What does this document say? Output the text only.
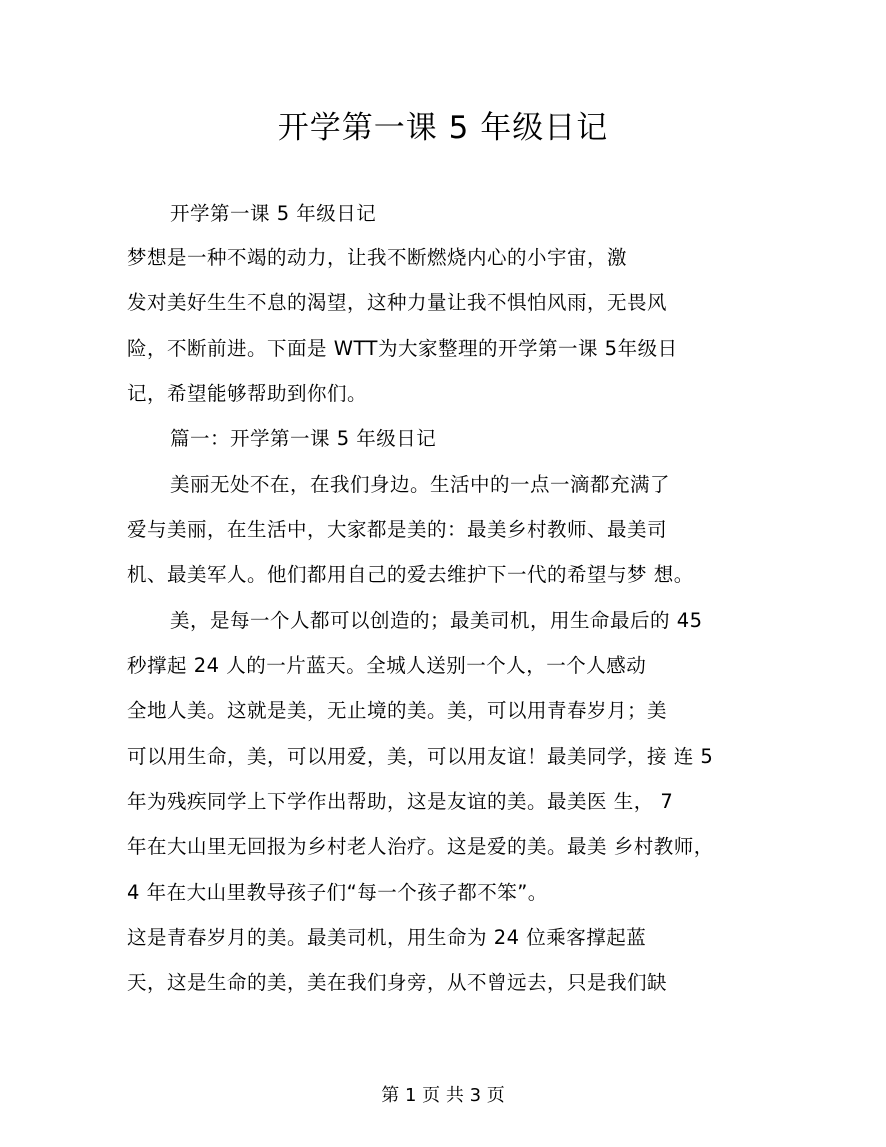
开学第一课 5 年级日记
开学第一课 5 年级日记
梦想是一种不竭的动力，让我不断燃烧内心的小宇宙，激
发对美好生生不息的渴望，这种力量让我不惧怕风雨，无畏风
险，不断前进。下面是 WTT为大家整理的开学第一课 5年级日
记，希望能够帮助到你们。
篇一：开学第一课 5 年级日记
美丽无处不在，在我们身边。生活中的一点一滴都充满了
爱与美丽，在生活中，大家都是美的：最美乡村教师、最美司
机、最美军人。他们都用自己的爱去维护下一代的希望与梦 想。
美，是每一个人都可以创造的；最美司机，用生命最后的 45
秒撑起 24 人的一片蓝天。全城人送别一个人，一个人感动
全地人美。这就是美，无止境的美。美，可以用青春岁月；美
可以用生命，美，可以用爱，美，可以用友谊！最美同学，接 连 5
年为残疾同学上下学作出帮助，这是友谊的美。最美医 生， 7
年在大山里无回报为乡村老人治疗。这是爱的美。最美 乡村教师，
4 年在大山里教导孩子们“每一个孩子都不笨”。
这是青春岁月的美。最美司机，用生命为 24 位乘客撑起蓝
天，这是生命的美，美在我们身旁，从不曾远去，只是我们缺
第 1 页 共 3 页
